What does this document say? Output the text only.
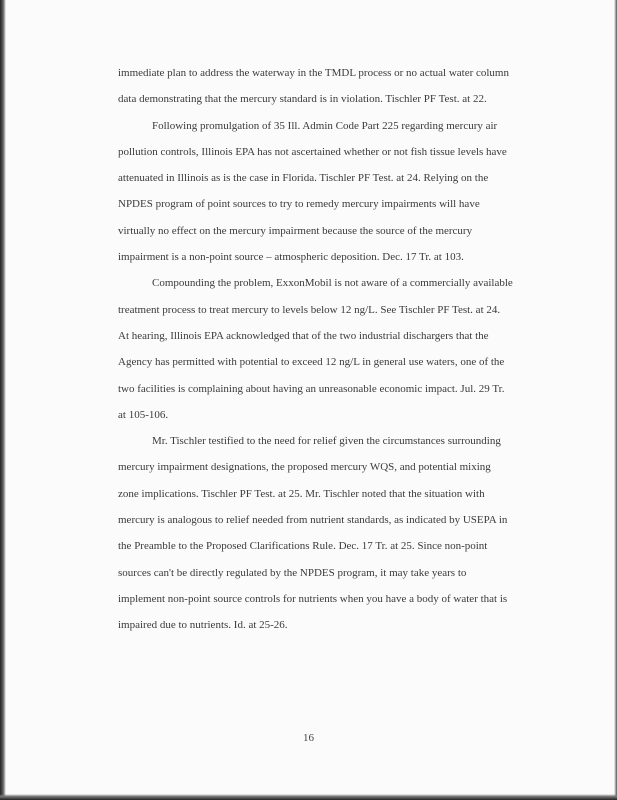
immediate plan to address the waterway in the TMDL process or no actual water column
data demonstrating that the mercury standard is in violation. Tischler PF Test. at 22.

Following promulgation of 35 Ill. Admin Code Part 225 regarding mercury air
pollution controls, Illinois EPA has not ascertained whether or not fish tissue levels have
attenuated in Illinois as is the case in Florida. Tischler PF Test. at 24. Relying on the
NPDES program of point sources to try to remedy mercury impairments will have
virtually no effect on the mercury impairment because the source of the mercury
impairment is a non-point source – atmospheric deposition. Dec. 17 Tr. at 103.

Compounding the problem, ExxonMobil is not aware of a commercially available
treatment process to treat mercury to levels below 12 ng/L. See Tischler PF Test. at 24.
At hearing, Illinois EPA acknowledged that of the two industrial dischargers that the
Agency has permitted with potential to exceed 12 ng/L in general use waters, one of the
two facilities is complaining about having an unreasonable economic impact. Jul. 29 Tr.
at 105-106.

Mr. Tischler testified to the need for relief given the circumstances surrounding
mercury impairment designations, the proposed mercury WQS, and potential mixing
zone implications. Tischler PF Test. at 25. Mr. Tischler noted that the situation with
mercury is analogous to relief needed from nutrient standards, as indicated by USEPA in
the Preamble to the Proposed Clarifications Rule. Dec. 17 Tr. at 25. Since non-point
sources can't be directly regulated by the NPDES program, it may take years to
implement non-point source controls for nutrients when you have a body of water that is
impaired due to nutrients. Id. at 25-26.

16
